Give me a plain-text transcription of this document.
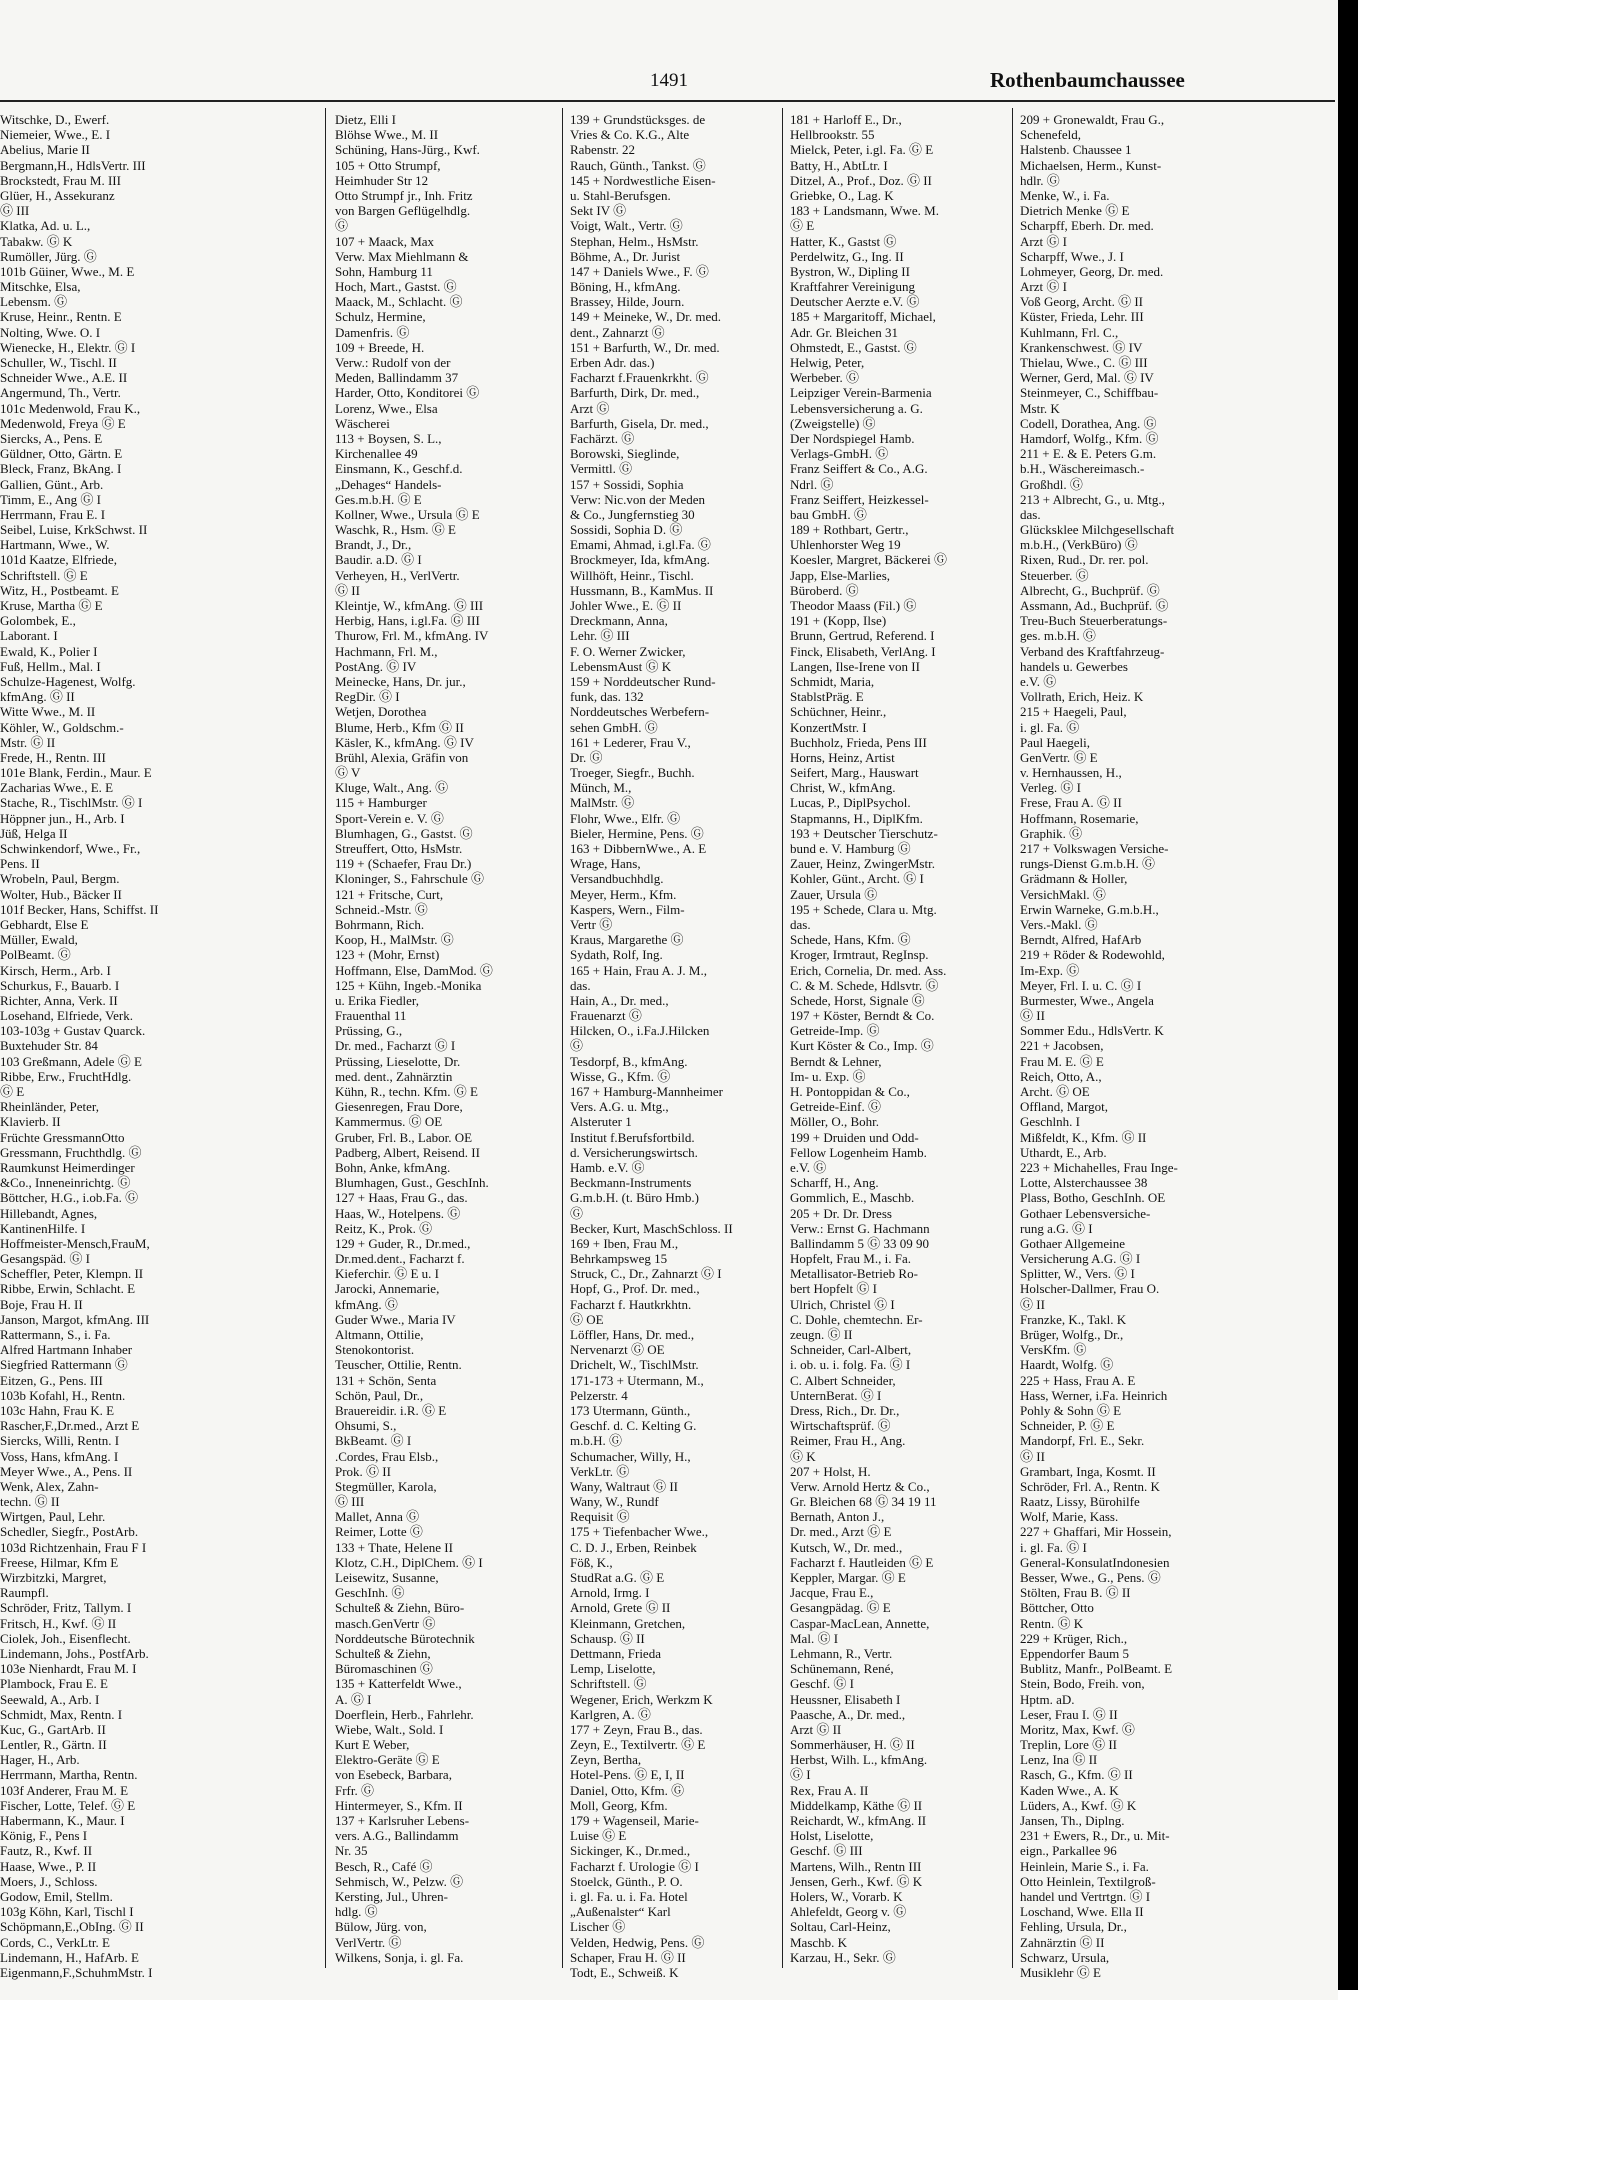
1491	Rothenbaumchaussee
Witschke, D., Ewerf.
Niemeier, Wwe., E. I
Abelius, Marie II
Bergmann,H., HdlsVertr. III
Brockstedt, Frau M. III
Glüer, H., Assekuranz
Ⓖ III
Klatka, Ad. u. L.,
Tabakw. Ⓖ K
Rumöller, Jürg. Ⓖ
101b Güiner, Wwe., M. E
Mitschke, Elsa,
Lebensm. Ⓖ
Kruse, Heinr., Rentn. E
Nolting, Wwe. O. I
Wienecke, H., Elektr. Ⓖ I
Schuller, W., Tischl. II
Schneider Wwe., A.E. II
Angermund, Th., Vertr.
101c Medenwold, Frau K.,
Medenwold, Freya Ⓖ E
Siercks, A., Pens. E
Güldner, Otto, Gärtn. E
Bleck, Franz, BkAng. I
Gallien, Günt., Arb.
Timm, E., Ang Ⓖ I
Herrmann, Frau E. I
Seibel, Luise, KrkSchwst. II
Hartmann, Wwe., W.
101d Kaatze, Elfriede,
Schriftstell. Ⓖ E
Witz, H., Postbeamt. E
Kruse, Martha Ⓖ E
Golombek, E.,
Laborant. I
Ewald, K., Polier I
Fuß, Hellm., Mal. I
Schulze-Hagenest, Wolfg.
kfmAng. Ⓖ II
Witte Wwe., M. II
Köhler, W., Goldschm.-
Mstr. Ⓖ II
Frede, H., Rentn. III
101e Blank, Ferdin., Maur. E
Zacharias Wwe., E. E
Stache, R., TischlMstr. Ⓖ I
Höppner jun., H., Arb. I
Jüß, Helga II
Schwinkendorf, Wwe., Fr.,
Pens. II
Wrobeln, Paul, Bergm.
Wolter, Hub., Bäcker II
101f Becker, Hans, Schiffst. II
Gebhardt, Else E
Müller, Ewald,
PolBeamt. Ⓖ
Kirsch, Herm., Arb. I
Schurkus, F., Bauarb. I
Richter, Anna, Verk. II
Losehand, Elfriede, Verk.
103-103g + Gustav Quarck.
Buxtehuder Str. 84
103 Greßmann, Adele Ⓖ E
Ribbe, Erw., FruchtHdlg.
Ⓖ E
Rheinländer, Peter,
Klavierb. II
Früchte GressmannOtto
Gressmann, Fruchthdlg. Ⓖ
Raumkunst Heimerdinger
&Co., Inneneinrichtg. Ⓖ
Böttcher, H.G., i.ob.Fa. Ⓖ
Hillebandt, Agnes,
KantinenHilfe. I
Hoffmeister-Mensch,FrauM,
Gesangspäd. Ⓖ I
Scheffler, Peter, Klempn. II
Ribbe, Erwin, Schlacht. E
Boje, Frau H. II
Janson, Margot, kfmAng. III
Rattermann, S., i. Fa.
Alfred Hartmann Inhaber
Siegfried Rattermann Ⓖ
Eitzen, G., Pens. III
103b Kofahl, H., Rentn.
103c Hahn, Frau K. E
Rascher,F.,Dr.med., Arzt E
Siercks, Willi, Rentn. I
Voss, Hans, kfmAng. I
Meyer Wwe., A., Pens. II
Wenk, Alex, Zahn-
techn. Ⓖ II
Wirtgen, Paul, Lehr.
Schedler, Siegfr., PostArb.
103d Richtzenhain, Frau F I
Freese, Hilmar, Kfm E
Wirzbitzki, Margret,
Raumpfl.
Schröder, Fritz, Tallym. I
Fritsch, H., Kwf. Ⓖ II
Ciolek, Joh., Eisenflecht.
Lindemann, Johs., PostfArb.
103e Nienhardt, Frau M. I
Plambock, Frau E. E
Seewald, A., Arb. I
Schmidt, Max, Rentn. I
Kuc, G., GartArb. II
Lentler, R., Gärtn. II
Hager, H., Arb.
Herrmann, Martha, Rentn.
103f Anderer, Frau M. E
Fischer, Lotte, Telef. Ⓖ E
Habermann, K., Maur. I
König, F., Pens I
Fautz, R., Kwf. II
Haase, Wwe., P. II
Moers, J., Schloss.
Godow, Emil, Stellm.
103g Köhn, Karl, Tischl I
Schöpmann,E.,ObIng. Ⓖ II
Cords, C., VerkLtr. E
Lindemann, H., HafArb. E
Eigenmann,F.,SchuhmMstr. I
Dietz, Elli I
Blöhse Wwe., M. II
Schüning, Hans-Jürg., Kwf.
105 + Otto Strumpf,
Heimhuder Str 12
Otto Strumpf jr., Inh. Fritz
von Bargen Geflügelhdlg.
Ⓖ
107 + Maack, Max
Verw. Max Miehlmann &
Sohn, Hamburg 11
Hoch, Mart., Gastst. Ⓖ
Maack, M., Schlacht. Ⓖ
Schulz, Hermine,
Damenfris. Ⓖ
109 + Breede, H.
Verw.: Rudolf von der
Meden, Ballindamm 37
Harder, Otto, Konditorei Ⓖ
Lorenz, Wwe., Elsa
Wäscherei
113 + Boysen, S. L.,
Kirchenallee 49
Einsmann, K., Geschf.d.
„Dehages“ Handels-
Ges.m.b.H. Ⓖ E
Kollner, Wwe., Ursula Ⓖ E
Waschk, R., Hsm. Ⓖ E
Brandt, J., Dr.,
Baudir. a.D. Ⓖ I
Verheyen, H., VerlVertr.
Ⓖ II
Kleintje, W., kfmAng. Ⓖ III
Herbig, Hans, i.gl.Fa. Ⓖ III
Thurow, Frl. M., kfmAng. IV
Hachmann, Frl. M.,
PostAng. Ⓖ IV
Meinecke, Hans, Dr. jur.,
RegDir. Ⓖ I
Wetjen, Dorothea
Blume, Herb., Kfm Ⓖ II
Käsler, K., kfmAng. Ⓖ IV
Brühl, Alexia, Gräfin von
Ⓖ V
Kluge, Walt., Ang. Ⓖ
115 + Hamburger
Sport-Verein e. V. Ⓖ
Blumhagen, G., Gastst. Ⓖ
Streuffert, Otto, HsMstr.
119 + (Schaefer, Frau Dr.)
Kloninger, S., Fahrschule Ⓖ
121 + Fritsche, Curt,
Schneid.-Mstr. Ⓖ
Bohrmann, Rich.
Koop, H., MalMstr. Ⓖ
123 + (Mohr, Ernst)
Hoffmann, Else, DamMod. Ⓖ
125 + Kühn, Ingeb.-Monika
u. Erika Fiedler,
Frauenthal 11
Prüssing, G.,
Dr. med., Facharzt Ⓖ I
Prüssing, Lieselotte, Dr.
med. dent., Zahnärztin
Kühn, R., techn. Kfm. Ⓖ E
Giesenregen, Frau Dore,
Kammermus. Ⓖ OE
Gruber, Frl. B., Labor. OE
Padberg, Albert, Reisend. II
Bohn, Anke, kfmAng.
Blumhagen, Gust., GeschInh.
127 + Haas, Frau G., das.
Haas, W., Hotelpens. Ⓖ
Reitz, K., Prok. Ⓖ
129 + Guder, R., Dr.med.,
Dr.med.dent., Facharzt f.
Kieferchir. Ⓖ E u. I
Jarocki, Annemarie,
kfmAng. Ⓖ
Guder Wwe., Maria IV
Altmann, Ottilie,
Stenokontorist.
Teuscher, Ottilie, Rentn.
131 + Schön, Senta
Schön, Paul, Dr.,
Brauereidir. i.R. Ⓖ E
Ohsumi, S.,
BkBeamt. Ⓖ I
.Cordes, Frau Elsb.,
Prok. Ⓖ II
Stegmüller, Karola,
Ⓖ III
Mallet, Anna Ⓖ
Reimer, Lotte Ⓖ
133 + Thate, Helene II
Klotz, C.H., DiplChem. Ⓖ I
Leisewitz, Susanne,
GeschInh. Ⓖ
Schulteß & Ziehn, Büro-
masch.GenVertr Ⓖ
Norddeutsche Bürotechnik
Schulteß & Ziehn,
Büromaschinen Ⓖ
135 + Katterfeldt Wwe.,
A. Ⓖ I
Doerflein, Herb., Fahrlehr.
Wiebe, Walt., Sold. I
Kurt E Weber,
Elektro-Geräte Ⓖ E
von Esebeck, Barbara,
Frfr. Ⓖ
Hintermeyer, S., Kfm. II
137 + Karlsruher Lebens-
vers. A.G., Ballindamm
Nr. 35
Besch, R., Café Ⓖ
Sehmisch, W., Pelzw. Ⓖ
Kersting, Jul., Uhren-
hdlg. Ⓖ
Bülow, Jürg. von,
VerlVertr. Ⓖ
Wilkens, Sonja, i. gl. Fa.
139 + Grundstücksges. de
Vries & Co. K.G., Alte
Rabenstr. 22
Rauch, Günth., Tankst. Ⓖ
145 + Nordwestliche Eisen-
u. Stahl-Berufsgen.
Sekt IV Ⓖ
Voigt, Walt., Vertr. Ⓖ
Stephan, Helm., HsMstr.
Böhme, A., Dr. Jurist
147 + Daniels Wwe., F. Ⓖ
Böning, H., kfmAng.
Brassey, Hilde, Journ.
149 + Meineke, W., Dr. med.
dent., Zahnarzt Ⓖ
151 + Barfurth, W., Dr. med.
Erben Adr. das.)
Facharzt f.Frauenkrkht. Ⓖ
Barfurth, Dirk, Dr. med.,
Arzt Ⓖ
Barfurth, Gisela, Dr. med.,
Fachärzt. Ⓖ
Borowski, Sieglinde,
Vermittl. Ⓖ
157 + Sossidi, Sophia
Verw: Nic.von der Meden
& Co., Jungfernstieg 30
Sossidi, Sophia D. Ⓖ
Emami, Ahmad, i.gl.Fa. Ⓖ
Brockmeyer, Ida, kfmAng.
Willhöft, Heinr., Tischl.
Hussmann, B., KamMus. II
Johler Wwe., E. Ⓖ II
Dreckmann, Anna,
Lehr. Ⓖ III
F. O. Werner Zwicker,
LebensmAust Ⓖ K
159 + Norddeutscher Rund-
funk, das. 132
Norddeutsches Werbefern-
sehen GmbH. Ⓖ
161 + Lederer, Frau V.,
Dr. Ⓖ
Troeger, Siegfr., Buchh.
Münch, M.,
MalMstr. Ⓖ
Flohr, Wwe., Elfr. Ⓖ
Bieler, Hermine, Pens. Ⓖ
163 + DibbernWwe., A. E
Wrage, Hans,
Versandbuchhdlg.
Meyer, Herm., Kfm.
Kaspers, Wern., Film-
Vertr Ⓖ
Kraus, Margarethe Ⓖ
Sydath, Rolf, Ing.
165 + Hain, Frau A. J. M.,
das.
Hain, A., Dr. med.,
Frauenarzt Ⓖ
Hilcken, O., i.Fa.J.Hilcken
Ⓖ
Tesdorpf, B., kfmAng.
Wisse, G., Kfm. Ⓖ
167 + Hamburg-Mannheimer
Vers. A.G. u. Mtg.,
Alsteruter 1
Institut f.Berufsfortbild.
d. Versicherungswirtsch.
Hamb. e.V. Ⓖ
Beckmann-Instruments
G.m.b.H. (t. Büro Hmb.)
Ⓖ
Becker, Kurt, MaschSchloss. II
169 + Iben, Frau M.,
Behrkampsweg 15
Struck, C., Dr., Zahnarzt Ⓖ I
Hopf, G., Prof. Dr. med.,
Facharzt f. Hautkrkhtn.
Ⓖ OE
Löffler, Hans, Dr. med.,
Nervenarzt Ⓖ OE
Drichelt, W., TischlMstr.
171-173 + Utermann, M.,
Pelzerstr. 4
173 Utermann, Günth.,
Geschf. d. C. Kelting G.
m.b.H. Ⓖ
Schumacher, Willy, H.,
VerkLtr. Ⓖ
Wany, Waltraut Ⓖ II
Wany, W., Rundf
Requisit Ⓖ
175 + Tiefenbacher Wwe.,
C. D. J., Erben, Reinbek
Föß, K.,
StudRat a.G. Ⓖ E
Arnold, Irmg. I
Arnold, Grete Ⓖ II
Kleinmann, Gretchen,
Schausp. Ⓖ II
Dettmann, Frieda
Lemp, Liselotte,
Schriftstell. Ⓖ
Wegener, Erich, Werkzm K
Karlgren, A. Ⓖ
177 + Zeyn, Frau B., das.
Zeyn, E., Textilvertr. Ⓖ E
Zeyn, Bertha,
Hotel-Pens. Ⓖ E, I, II
Daniel, Otto, Kfm. Ⓖ
Moll, Georg, Kfm.
179 + Wagenseil, Marie-
Luise Ⓖ E
Sickinger, K., Dr.med.,
Facharzt f. Urologie Ⓖ I
Stoelck, Günth., P. O.
i. gl. Fa. u. i. Fa. Hotel
„Außenalster“ Karl
Lischer Ⓖ
Velden, Hedwig, Pens. Ⓖ
Schaper, Frau H. Ⓖ II
Todt, E., Schweiß. K
181 + Harloff E., Dr.,
Hellbrookstr. 55
Mielck, Peter, i.gl. Fa. Ⓖ E
Batty, H., AbtLtr. I
Ditzel, A., Prof., Doz. Ⓖ II
Griebke, O., Lag. K
183 + Landsmann, Wwe. M.
Ⓖ E
Hatter, K., Gastst Ⓖ
Perdelwitz, G., Ing. II
Bystron, W., Dipling II
Kraftfahrer Vereinigung
Deutscher Aerzte e.V. Ⓖ
185 + Margaritoff, Michael,
Adr. Gr. Bleichen 31
Ohmstedt, E., Gastst. Ⓖ
Helwig, Peter,
Werbeber. Ⓖ
Leipziger Verein-Barmenia
Lebensversicherung a. G.
(Zweigstelle) Ⓖ
Der Nordspiegel Hamb.
Verlags-GmbH. Ⓖ
Franz Seiffert & Co., A.G.
Ndrl. Ⓖ
Franz Seiffert, Heizkessel-
bau GmbH. Ⓖ
189 + Rothbart, Gertr.,
Uhlenhorster Weg 19
Koesler, Margret, Bäckerei Ⓖ
Japp, Else-Marlies,
Büroberd. Ⓖ
Theodor Maass (Fil.) Ⓖ
191 + (Kopp, Ilse)
Brunn, Gertrud, Referend. I
Finck, Elisabeth, VerlAng. I
Langen, Ilse-Irene von II
Schmidt, Maria,
StablstPräg. E
Schüchner, Heinr.,
KonzertMstr. I
Buchholz, Frieda, Pens III
Horns, Heinz, Artist
Seifert, Marg., Hauswart
Christ, W., kfmAng.
Lucas, P., DiplPsychol.
Stapmanns, H., DiplKfm.
193 + Deutscher Tierschutz-
bund e. V. Hamburg Ⓖ
Zauer, Heinz, ZwingerMstr.
Kohler, Günt., Archt. Ⓖ I
Zauer, Ursula Ⓖ
195 + Schede, Clara u. Mtg.
das.
Schede, Hans, Kfm. Ⓖ
Kroger, Irmtraut, RegInsp.
Erich, Cornelia, Dr. med. Ass.
C. & M. Schede, Hdlsvtr. Ⓖ
Schede, Horst, Signale Ⓖ
197 + Köster, Berndt & Co.
Getreide-Imp. Ⓖ
Kurt Köster & Co., Imp. Ⓖ
Berndt & Lehner,
Im- u. Exp. Ⓖ
H. Pontoppidan & Co.,
Getreide-Einf. Ⓖ
Möller, O., Bohr.
199 + Druiden und Odd-
Fellow Logenheim Hamb.
e.V. Ⓖ
Scharff, H., Ang.
Gommlich, E., Maschb.
205 + Dr. Dr. Dress
Verw.: Ernst G. Hachmann
Ballindamm 5 Ⓖ 33 09 90
Hopfelt, Frau M., i. Fa.
Metallisator-Betrieb Ro-
bert Hopfelt Ⓖ I
Ulrich, Christel Ⓖ I
C. Dohle, chemtechn. Er-
zeugn. Ⓖ II
Schneider, Carl-Albert,
i. ob. u. i. folg. Fa. Ⓖ I
C. Albert Schneider,
UnternBerat. Ⓖ I
Dress, Rich., Dr. Dr.,
Wirtschaftsprüf. Ⓖ
Reimer, Frau H., Ang.
Ⓖ K
207 + Holst, H.
Verw. Arnold Hertz & Co.,
Gr. Bleichen 68 Ⓖ 34 19 11
Bernath, Anton J.,
Dr. med., Arzt Ⓖ E
Kutsch, W., Dr. med.,
Facharzt f. Hautleiden Ⓖ E
Keppler, Margar. Ⓖ E
Jacque, Frau E.,
Gesangpädag. Ⓖ E
Caspar-MacLean, Annette,
Mal. Ⓖ I
Lehmann, R., Vertr.
Schünemann, René,
Geschf. Ⓖ I
Heussner, Elisabeth I
Paasche, A., Dr. med.,
Arzt Ⓖ II
Sommerhäuser, H. Ⓖ II
Herbst, Wilh. L., kfmAng.
Ⓖ I
Rex, Frau A. II
Middelkamp, Käthe Ⓖ II
Reichardt, W., kfmAng. II
Holst, Liselotte,
Geschf. Ⓖ III
Martens, Wilh., Rentn III
Jensen, Gerh., Kwf. Ⓖ K
Holers, W., Vorarb. K
Ahlefeldt, Georg v. Ⓖ
Soltau, Carl-Heinz,
Maschb. K
Karzau, H., Sekr. Ⓖ
209 + Gronewaldt, Frau G.,
Schenefeld,
Halstenb. Chaussee 1
Michaelsen, Herm., Kunst-
hdlr. Ⓖ
Menke, W., i. Fa.
Dietrich Menke Ⓖ E
Scharpff, Eberh. Dr. med.
Arzt Ⓖ I
Scharpff, Wwe., J. I
Lohmeyer, Georg, Dr. med.
Arzt Ⓖ I
Voß Georg, Archt. Ⓖ II
Küster, Frieda, Lehr. III
Kuhlmann, Frl. C.,
Krankenschwest. Ⓖ IV
Thielau, Wwe., C. Ⓖ III
Werner, Gerd, Mal. Ⓖ IV
Steinmeyer, C., Schiffbau-
Mstr. K
Codell, Dorathea, Ang. Ⓖ
Hamdorf, Wolfg., Kfm. Ⓖ
211 + E. & E. Peters G.m.
b.H., Wäschereimasch.-
Großhdl. Ⓖ
213 + Albrecht, G., u. Mtg.,
das.
Glücksklee Milchgesellschaft
m.b.H., (VerkBüro) Ⓖ
Rixen, Rud., Dr. rer. pol.
Steuerber. Ⓖ
Albrecht, G., Buchprüf. Ⓖ
Assmann, Ad., Buchprüf. Ⓖ
Treu-Buch Steuerberatungs-
ges. m.b.H. Ⓖ
Verband des Kraftfahrzeug-
handels u. Gewerbes
e.V. Ⓖ
Vollrath, Erich, Heiz. K
215 + Haegeli, Paul,
i. gl. Fa. Ⓖ
Paul Haegeli,
GenVertr. Ⓖ E
v. Hernhaussen, H.,
Verleg. Ⓖ I
Frese, Frau A. Ⓖ II
Hoffmann, Rosemarie,
Graphik. Ⓖ
217 + Volkswagen Versiche-
rungs-Dienst G.m.b.H. Ⓖ
Grädmann & Holler,
VersichMakl. Ⓖ
Erwin Warneke, G.m.b.H.,
Vers.-Makl. Ⓖ
Berndt, Alfred, HafArb
219 + Röder & Rodewohld,
Im-Exp. Ⓖ
Meyer, Frl. I. u. C. Ⓖ I
Burmester, Wwe., Angela
Ⓖ II
Sommer Edu., HdlsVertr. K
221 + Jacobsen,
Frau M. E. Ⓖ E
Reich, Otto, A.,
Archt. Ⓖ OE
Offland, Margot,
Geschlnh. I
Mißfeldt, K., Kfm. Ⓖ II
Uthardt, E., Arb.
223 + Michahelles, Frau Inge-
Lotte, Alsterchaussee 38
Plass, Botho, GeschInh. OE
Gothaer Lebensversiche-
rung a.G. Ⓖ I
Gothaer Allgemeine
Versicherung A.G. Ⓖ I
Splitter, W., Vers. Ⓖ I
Holscher-Dallmer, Frau O.
Ⓖ II
Franzke, K., Takl. K
Brüger, Wolfg., Dr.,
VersKfm. Ⓖ
Haardt, Wolfg. Ⓖ
225 + Hass, Frau A. E
Hass, Werner, i.Fa. Heinrich
Pohly & Sohn Ⓖ E
Schneider, P. Ⓖ E
Mandorpf, Frl. E., Sekr.
Ⓖ II
Grambart, Inga, Kosmt. II
Schröder, Frl. A., Rentn. K
Raatz, Lissy, Bürohilfe
Wolf, Marie, Kass.
227 + Ghaffari, Mir Hossein,
i. gl. Fa. Ⓖ I
General-KonsulatIndonesien
Besser, Wwe., G., Pens. Ⓖ
Stölten, Frau B. Ⓖ II
Böttcher, Otto
Rentn. Ⓖ K
229 + Krüger, Rich.,
Eppendorfer Baum 5
Bublitz, Manfr., PolBeamt. E
Stein, Bodo, Freih. von,
Hptm. aD.
Leser, Frau I. Ⓖ II
Moritz, Max, Kwf. Ⓖ
Treplin, Lore Ⓖ II
Lenz, Ina Ⓖ II
Rasch, G., Kfm. Ⓖ II
Kaden Wwe., A. K
Lüders, A., Kwf. Ⓖ K
Jansen, Th., Diplng.
231 + Ewers, R., Dr., u. Mit-
eign., Parkallee 96
Heinlein, Marie S., i. Fa.
Otto Heinlein, Textilgroß-
handel und Vertrtgn. Ⓖ I
Loschand, Wwe. Ella II
Fehling, Ursula, Dr.,
Zahnärztin Ⓖ II
Schwarz, Ursula,
Musiklehr Ⓖ E
